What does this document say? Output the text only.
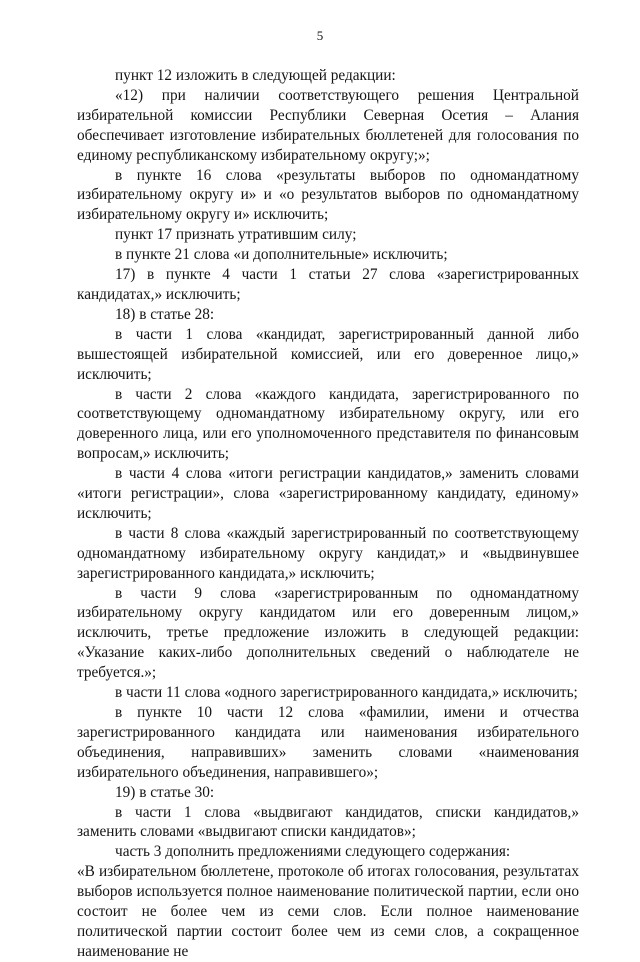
5

пункт 12 изложить в следующей редакции:

«12) при наличии соответствующего решения Центральной избирательной комиссии Республики Северная Осетия – Алания обеспечивает изготовление избирательных бюллетеней для голосования по единому республиканскому избирательному округу;»;

в пункте 16 слова «результаты выборов по одномандатному избирательному округу и» и «о результатов выборов по одномандатному избирательному округу и» исключить;

пункт 17 признать утратившим силу;

в пункте 21 слова «и дополнительные» исключить;

17) в пункте 4 части 1 статьи 27 слова «зарегистрированных кандидатах,» исключить;

18) в статье 28:

в части 1 слова «кандидат, зарегистрированный данной либо вышестоящей избирательной комиссией, или его доверенное лицо,» исключить;

в части 2 слова «каждого кандидата, зарегистрированного по соответствующему одномандатному избирательному округу, или его доверенного лица, или его уполномоченного представителя по финансовым вопросам,» исключить;

в части 4 слова «итоги регистрации кандидатов,» заменить словами «итоги регистрации», слова «зарегистрированному кандидату, единому» исключить;

в части 8 слова «каждый зарегистрированный по соответствующему одномандатному избирательному округу кандидат,» и «выдвинувшее зарегистрированного кандидата,» исключить;

в части 9 слова «зарегистрированным по одномандатному избирательному округу кандидатом или его доверенным лицом,» исключить, третье предложение изложить в следующей редакции: «Указание каких-либо дополнительных сведений о наблюдателе не требуется.»;

в части 11 слова «одного зарегистрированного кандидата,» исключить;

в пункте 10 части 12 слова «фамилии, имени и отчества зарегистрированного кандидата или наименования избирательного объединения, направивших» заменить словами «наименования избирательного объединения, направившего»;

19) в статье 30:

в части 1 слова «выдвигают кандидатов, списки кандидатов,» заменить словами «выдвигают списки кандидатов»;

часть 3 дополнить предложениями следующего содержания:

«В избирательном бюллетене, протоколе об итогах голосования, результатах выборов используется полное наименование политической партии, если оно состоит не более чем из семи слов. Если полное наименование политической партии состоит более чем из семи слов, а сокращенное наименование не
